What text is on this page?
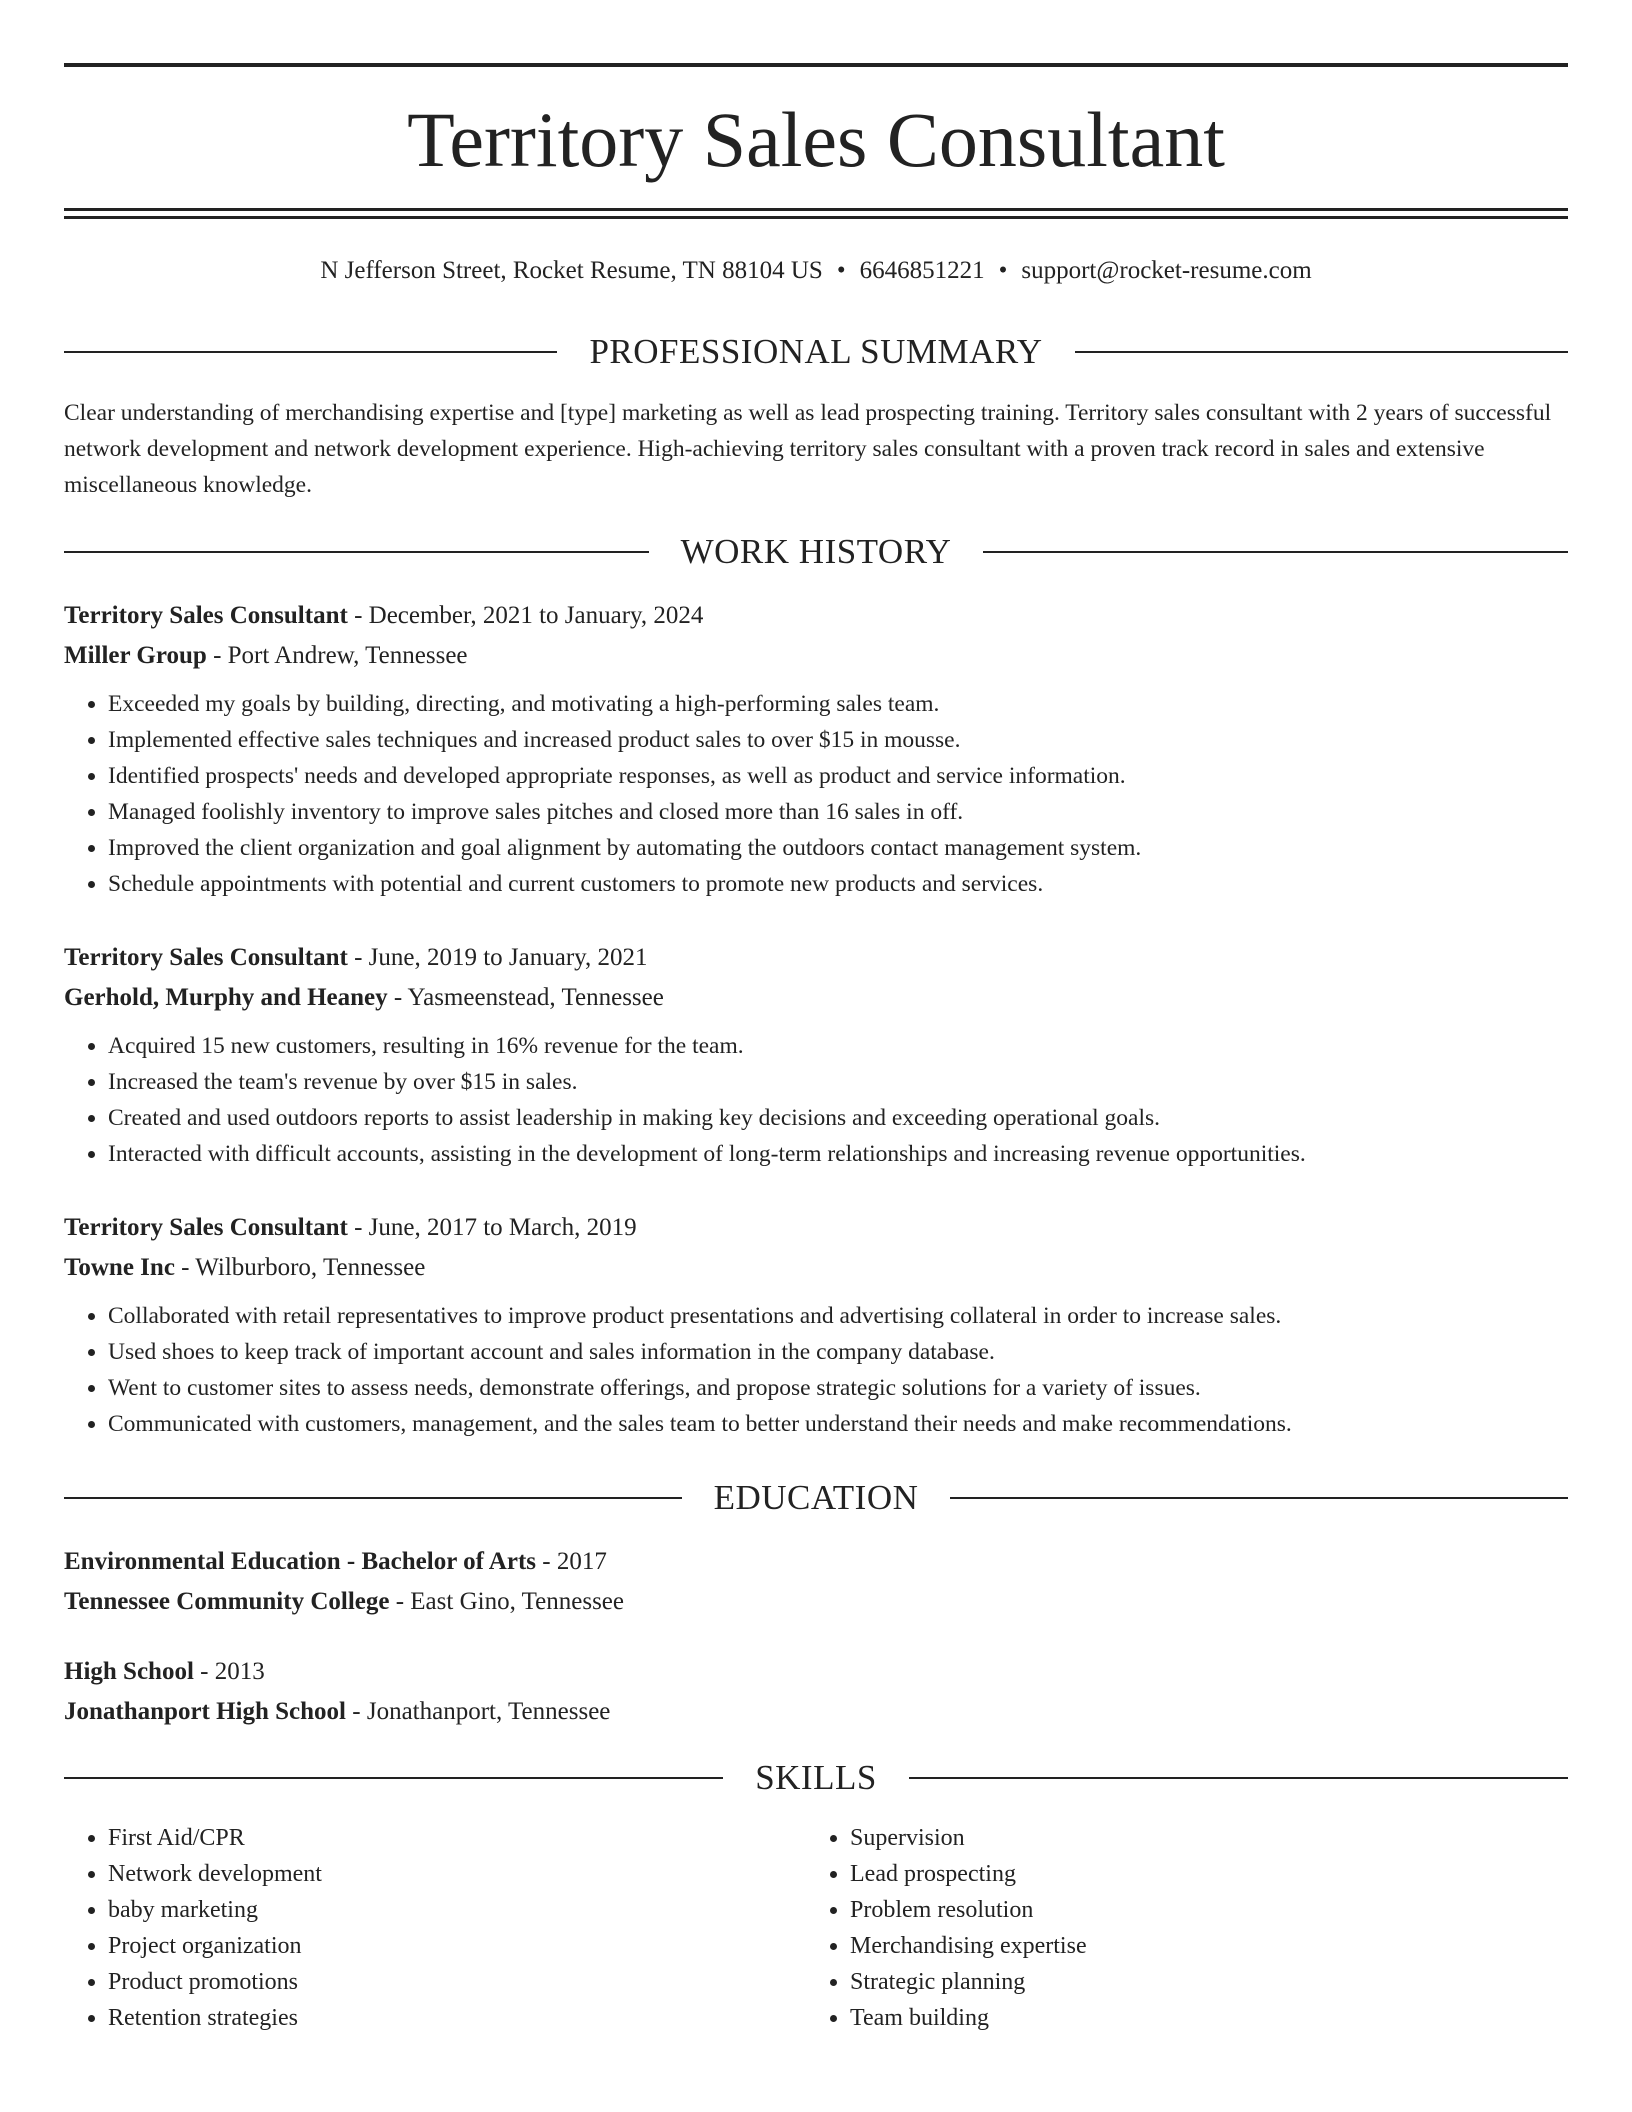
Territory Sales Consultant
N Jefferson Street, Rocket Resume, TN 88104 US • 6646851221 • support@rocket-resume.com
PROFESSIONAL SUMMARY
Clear understanding of merchandising expertise and [type] marketing as well as lead prospecting training. Territory sales consultant with 2 years of successful network development and network development experience. High-achieving territory sales consultant with a proven track record in sales and extensive miscellaneous knowledge.
WORK HISTORY
Territory Sales Consultant - December, 2021 to January, 2024
Miller Group - Port Andrew, Tennessee
• Exceeded my goals by building, directing, and motivating a high-performing sales team.
• Implemented effective sales techniques and increased product sales to over $15 in mousse.
• Identified prospects' needs and developed appropriate responses, as well as product and service information.
• Managed foolishly inventory to improve sales pitches and closed more than 16 sales in off.
• Improved the client organization and goal alignment by automating the outdoors contact management system.
• Schedule appointments with potential and current customers to promote new products and services.
Territory Sales Consultant - June, 2019 to January, 2021
Gerhold, Murphy and Heaney - Yasmeenstead, Tennessee
• Acquired 15 new customers, resulting in 16% revenue for the team.
• Increased the team's revenue by over $15 in sales.
• Created and used outdoors reports to assist leadership in making key decisions and exceeding operational goals.
• Interacted with difficult accounts, assisting in the development of long-term relationships and increasing revenue opportunities.
Territory Sales Consultant - June, 2017 to March, 2019
Towne Inc - Wilburboro, Tennessee
• Collaborated with retail representatives to improve product presentations and advertising collateral in order to increase sales.
• Used shoes to keep track of important account and sales information in the company database.
• Went to customer sites to assess needs, demonstrate offerings, and propose strategic solutions for a variety of issues.
• Communicated with customers, management, and the sales team to better understand their needs and make recommendations.
EDUCATION
Environmental Education - Bachelor of Arts - 2017
Tennessee Community College - East Gino, Tennessee
High School - 2013
Jonathanport High School - Jonathanport, Tennessee
SKILLS
• First Aid/CPR
• Network development
• baby marketing
• Project organization
• Product promotions
• Retention strategies
• Supervision
• Lead prospecting
• Problem resolution
• Merchandising expertise
• Strategic planning
• Team building
